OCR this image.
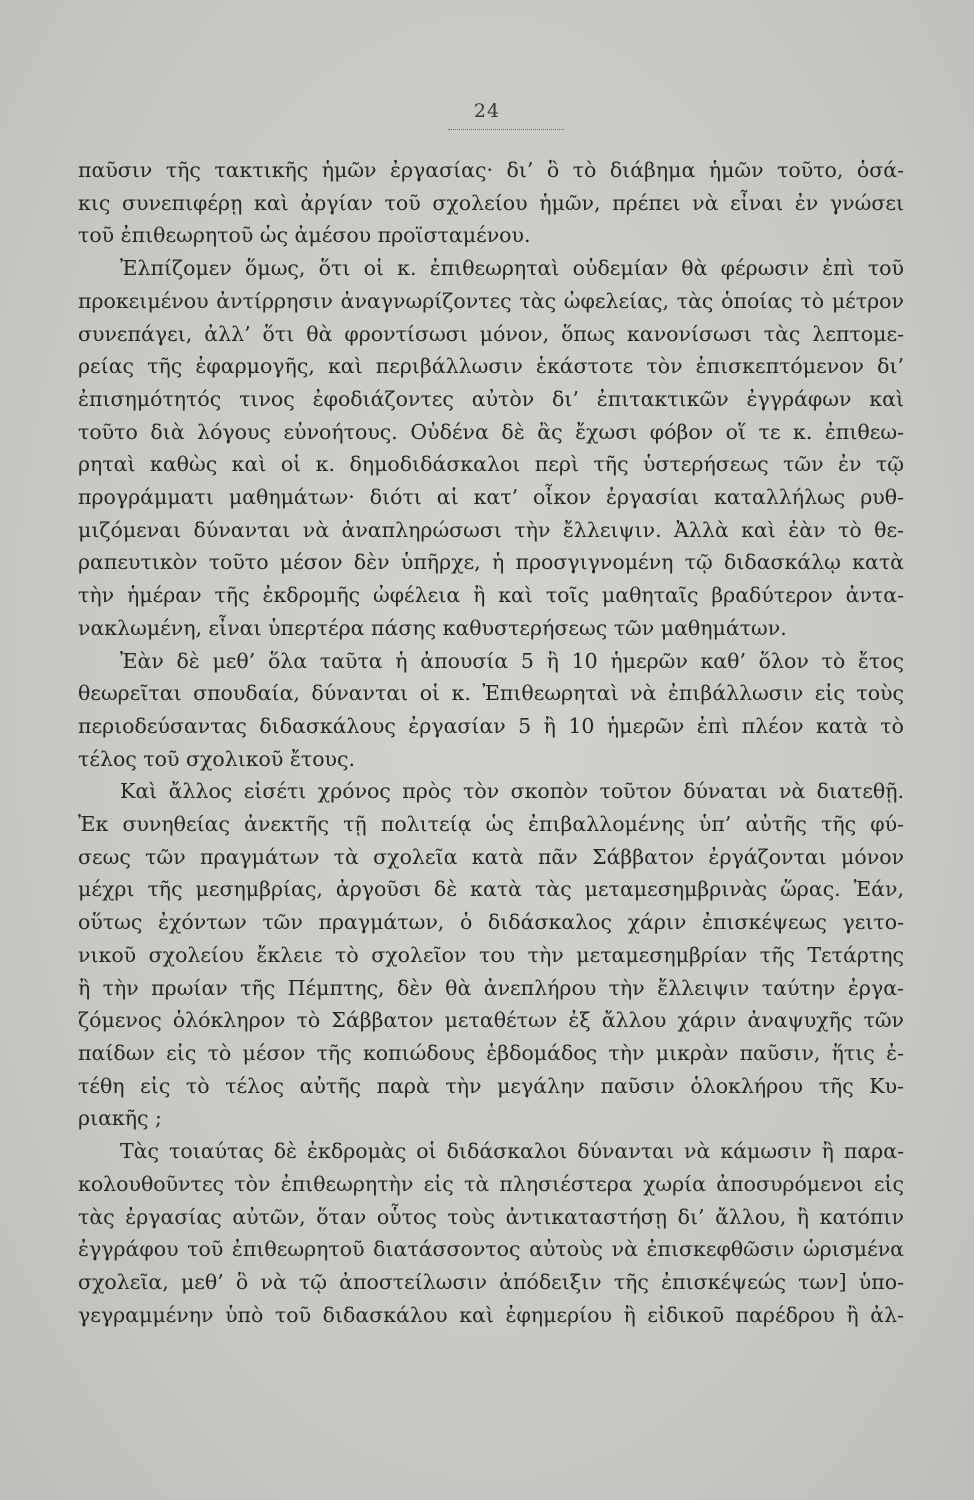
24
παῦσιν τῆς τακτικῆς ἡμῶν ἐργασίας· δι’ ὃ τὸ διάβημα ἡμῶν τοῦτο, ὁσά-
κις συνεπιφέρῃ καὶ ἀργίαν τοῦ σχολείου ἡμῶν, πρέπει νὰ εἶναι ἐν γνώσει
τοῦ ἐπιθεωρητοῦ ὡς ἀμέσου προϊσταμένου.
Ἐλπίζομεν ὅμως, ὅτι οἱ κ. ἐπιθεωρηταὶ οὐδεμίαν θὰ φέρωσιν ἐπὶ τοῦ
προκειμένου ἀντίρρησιν ἀναγνωρίζοντες τὰς ὠφελείας, τὰς ὁποίας τὸ μέτρον
συνεπάγει, ἀλλ’ ὅτι θὰ φροντίσωσι μόνον, ὅπως κανονίσωσι τὰς λεπτομε-
ρείας τῆς ἐφαρμογῆς, καὶ περιβάλλωσιν ἑκάστοτε τὸν ἐπισκεπτόμενον δι’
ἐπισημότητός τινος ἐφοδιάζοντες αὐτὸν δι’ ἐπιτακτικῶν ἐγγράφων καὶ
τοῦτο διὰ λόγους εὐνοήτους. Οὐδένα δὲ ἂς ἔχωσι φόβον οἵ τε κ. ἐπιθεω-
ρηταὶ καθὼς καὶ οἱ κ. δημοδιδάσκαλοι περὶ τῆς ὑστερήσεως τῶν ἐν τῷ
προγράμματι μαθημάτων· διότι αἱ κατ’ οἶκον ἐργασίαι καταλλήλως ρυθ-
μιζόμεναι δύνανται νὰ ἀναπληρώσωσι τὴν ἔλλειψιν. Ἀλλὰ καὶ ἐὰν τὸ θε-
ραπευτικὸν τοῦτο μέσον δὲν ὑπῆρχε, ἡ προσγιγνομένη τῷ διδασκάλῳ κατὰ
τὴν ἡμέραν τῆς ἐκδρομῆς ὠφέλεια ἢ καὶ τοῖς μαθηταῖς βραδύτερον ἀντα-
νακλωμένη, εἶναι ὑπερτέρα πάσης καθυστερήσεως τῶν μαθημάτων.
Ἐὰν δὲ μεθ’ ὅλα ταῦτα ἡ ἀπουσία 5 ἢ 10 ἡμερῶν καθ’ ὅλον τὸ ἔτος
θεωρεῖται σπουδαία, δύνανται οἱ κ. Ἐπιθεωρηταὶ νὰ ἐπιβάλλωσιν εἰς τοὺς
περιοδεύσαντας διδασκάλους ἐργασίαν 5 ἢ 10 ἡμερῶν ἐπὶ πλέον κατὰ τὸ
τέλος τοῦ σχολικοῦ ἔτους.
Καὶ ἄλλος εἰσέτι χρόνος πρὸς τὸν σκοπὸν τοῦτον δύναται νὰ διατεθῇ.
Ἐκ συνηθείας ἀνεκτῆς τῇ πολιτείᾳ ὡς ἐπιβαλλομένης ὑπ’ αὐτῆς τῆς φύ-
σεως τῶν πραγμάτων τὰ σχολεῖα κατὰ πᾶν Σάββατον ἐργάζονται μόνον
μέχρι τῆς μεσημβρίας, ἀργοῦσι δὲ κατὰ τὰς μεταμεσημβρινὰς ὥρας. Ἐάν,
οὕτως ἐχόντων τῶν πραγμάτων, ὁ διδάσκαλος χάριν ἐπισκέψεως γειτο-
νικοῦ σχολείου ἔκλειε τὸ σχολεῖον του τὴν μεταμεσημβρίαν τῆς Τετάρτης
ἢ τὴν πρωίαν τῆς Πέμπτης, δὲν θὰ ἀνεπλήρου τὴν ἔλλειψιν ταύτην ἐργα-
ζόμενος ὁλόκληρον τὸ Σάββατον μεταθέτων ἐξ ἄλλου χάριν ἀναψυχῆς τῶν
παίδων εἰς τὸ μέσον τῆς κοπιώδους ἑβδομάδος τὴν μικρὰν παῦσιν, ἥτις ἐ-
τέθη εἰς τὸ τέλος αὐτῆς παρὰ τὴν μεγάλην παῦσιν ὁλοκλήρου τῆς Κυ-
ριακῆς ;
Τὰς τοιαύτας δὲ ἐκδρομὰς οἱ διδάσκαλοι δύνανται νὰ κάμωσιν ἢ παρα-
κολουθοῦντες τὸν ἐπιθεωρητὴν εἰς τὰ πλησιέστερα χωρία ἀποσυρόμενοι εἰς
τὰς ἐργασίας αὐτῶν, ὅταν οὗτος τοὺς ἀντικαταστήσῃ δι’ ἄλλου, ἢ κατόπιν
ἐγγράφου τοῦ ἐπιθεωρητοῦ διατάσσοντος αὐτοὺς νὰ ἐπισκεφθῶσιν ὡρισμένα
σχολεῖα, μεθ’ ὃ νὰ τῷ ἀποστείλωσιν ἀπόδειξιν τῆς ἐπισκέψεώς των] ὑπο-
γεγραμμένην ὑπὸ τοῦ διδασκάλου καὶ ἐφημερίου ἢ εἰδικοῦ παρέδρου ἢ ἀλ-
